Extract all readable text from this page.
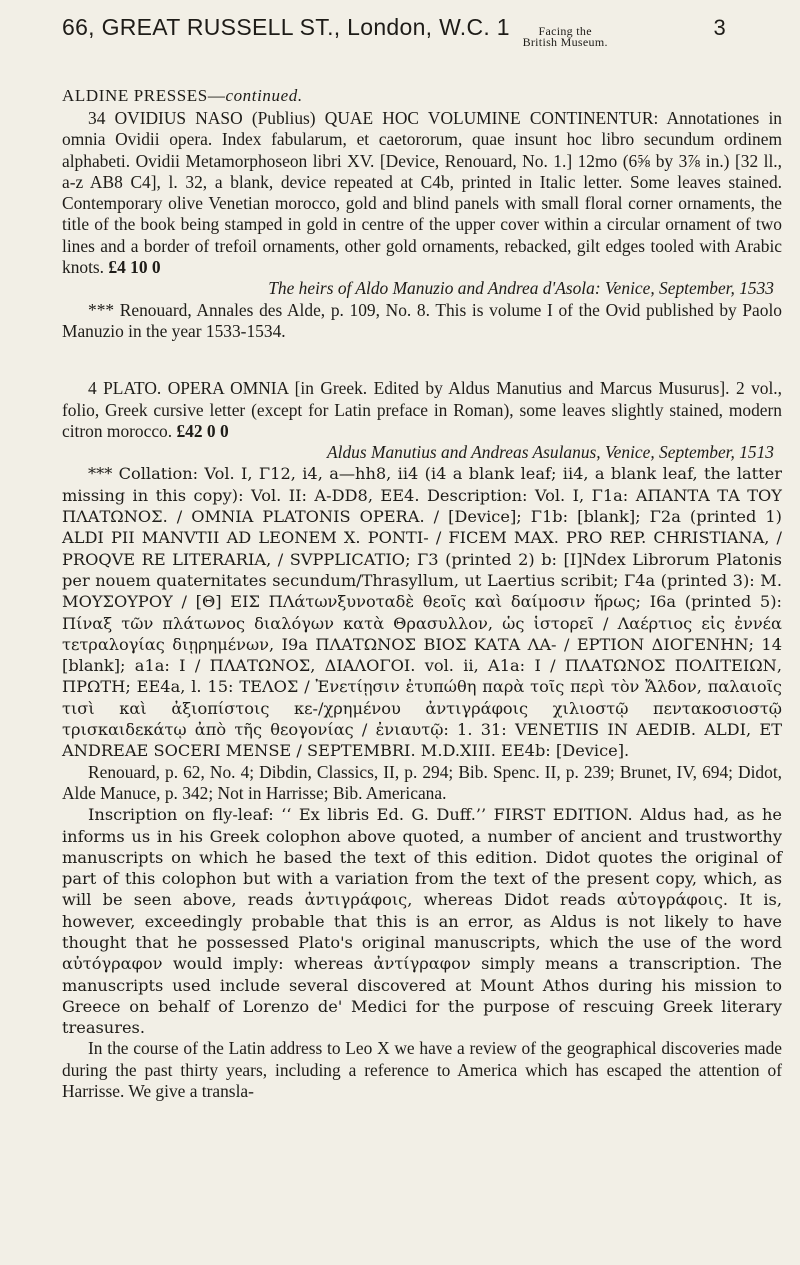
66, GREAT RUSSELL ST., London, W.C. 1 Facing the
British Museum.
3
ALDINE PRESSES—continued.

34 OVIDIUS NASO (Publius) QUAE HOC VOLUMINE CONTINENTUR: Annotationes in omnia Ovidii opera. Index fabularum, et caetororum, quae insunt hoc libro secundum ordinem alphabeti. Ovidii Metamorphoseon libri XV. [Device, Renouard, No. 1.] 12mo (6⅝ by 3⅞ in.) [32 ll., a-z AB8 C4], l. 32, a blank, device repeated at C4b, printed in Italic letter. Some leaves stained. Contemporary olive Venetian morocco, gold and blind panels with small floral corner ornaments, the title of the book being stamped in gold in centre of the upper cover within a circular ornament of two lines and a border of trefoil ornaments, other gold ornaments, rebacked, gilt edges tooled with Arabic knots. £4 10 0

The heirs of Aldo Manuzio and Andrea d'Asola: Venice, September, 1533

*** Renouard, Annales des Alde, p. 109, No. 8. This is volume I of the Ovid published by Paolo Manuzio in the year 1533-1534.

4 PLATO. OPERA OMNIA [in Greek. Edited by Aldus Manutius and Marcus Musurus]. 2 vol., folio, Greek cursive letter (except for Latin preface in Roman), some leaves slightly stained, modern citron morocco. £42 0 0

Aldus Manutius and Andreas Asulanus, Venice, September, 1513

*** Collation: Vol. I, Γ12, i4, a—hh8, ii4 (i4 a blank leaf; ii4, a blank leaf, the latter missing in this copy): Vol. II: A-DD8, EE4. Description: Vol. I, Γ1a: ΑΠΑΝΤΑ ΤΑ ΤΟΥ ΠΛΑΤΩΝΟΣ. / OMNIA PLATONIS OPERA. / [Device]; Γ1b: [blank]; Γ2a (printed 1) ALDI PII MANVTII AD LEONEM X. PONTI- / FICEM MAX. PRO REP. CHRISTIANA, / PROQVE RE LITERARIA, / SVPPLICATIO; Γ3 (printed 2) b: [I]Ndex Librorum Platonis per nouem quaternitates secundum/Thrasyllum, ut Laertius scribit; Γ4a (printed 3): Μ. ΜΟΥΣΟΥΡΟΥ / [Θ] ΕΙΣ ΠΛάτωνξυνοταδὲ θεοῖς καὶ δαίμοσιν ἥρως; Ι6a (printed 5): Πίναξ τῶν πλάτωνος διαλόγων κατὰ Θρασυλλον, ὡς ἱστορεῖ / Λαέρτιος εἰς ἐννέα τετραλογίας διῃρημένων, Ι9a ΠΛΑΤΩΝΟΣ ΒΙΟΣ ΚΑΤΑ ΛΑ- / ΕΡΤΙΟΝ ΔΙΟΓΕΝΗΝ; 14 [blank]; a1a: Ι / ΠΛΑΤΩΝΟΣ, ΔΙΑΛΟΓΟΙ. vol. ii, A1a: Ι / ΠΛΑΤΩΝΟΣ ΠΟΛΙΤΕΙΩΝ, ΠΡΩΤΗ; ΕΕ4a, l. 15: ΤΕΛΟΣ / Ἐνετίῃσιν ἐτυπώθη παρὰ τοῖς περὶ τὸν Ἄλδον, παλαιοῖς τισὶ καὶ ἀξιοπίστοις κε-/χρημένου ἀντιγράφοις χιλιοστῷ πεντακοσιοστῷ τρισκαιδεκάτῳ ἀπὸ τῆς θεογονίας / ἐνιαυτῷ: 1. 31: VENETIIS IN AEDIB. ALDI, ET ANDREAE SOCERI MENSE / SEPTEMBRI. M.D.XIII. EE4b: [Device].

Renouard, p. 62, No. 4; Dibdin, Classics, II, p. 294; Bib. Spenc. II, p. 239; Brunet, IV, 694; Didot, Alde Manuce, p. 342; Not in Harrisse; Bib. Americana.

Inscription on fly-leaf: ‘‘ Ex libris Ed. G. Duff.’’ FIRST EDITION. Aldus had, as he informs us in his Greek colophon above quoted, a number of ancient and trustworthy manuscripts on which he based the text of this edition. Didot quotes the original of part of this colophon but with a variation from the text of the present copy, which, as will be seen above, reads ἀντιγράφοις, whereas Didot reads αὐτογράφοις. It is, however, exceedingly probable that this is an error, as Aldus is not likely to have thought that he possessed Plato's original manuscripts, which the use of the word αὐτόγραφον would imply: whereas ἀντίγραφον simply means a transcription. The manuscripts used include several discovered at Mount Athos during his mission to Greece on behalf of Lorenzo de' Medici for the purpose of rescuing Greek literary treasures.

In the course of the Latin address to Leo X we have a review of the geographical discoveries made during the past thirty years, including a reference to America which has escaped the attention of Harrisse. We give a transla-
